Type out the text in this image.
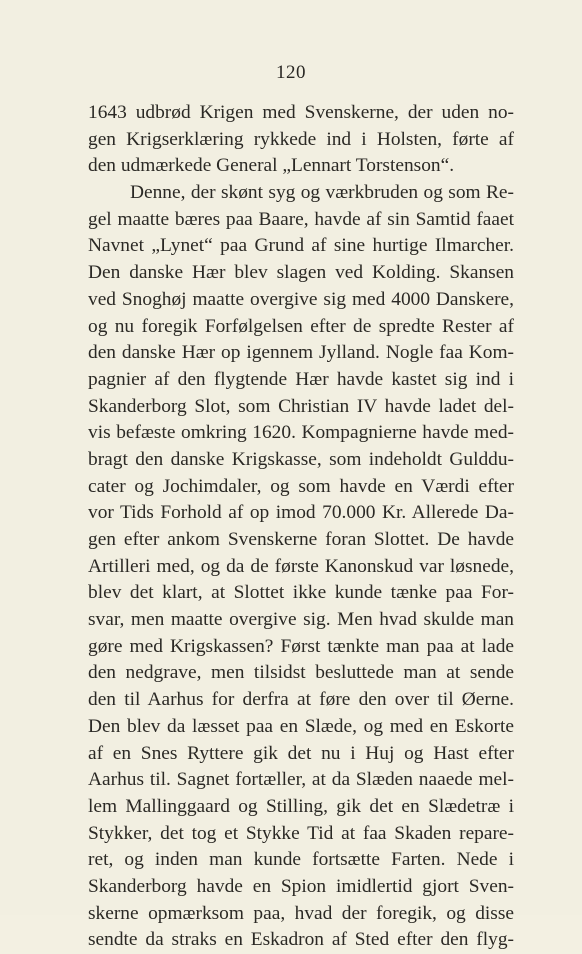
120
1643 udbrød Krigen med Svenskerne, der uden no-
gen Krigserklæring rykkede ind i Holsten, førte af
den udmærkede General „Lennart Torstenson“.
Denne, der skønt syg og værkbruden og som Re-
gel maatte bæres paa Baare, havde af sin Samtid faaet
Navnet „Lynet“ paa Grund af sine hurtige Ilmarcher.
Den danske Hær blev slagen ved Kolding. Skansen
ved Snoghøj maatte overgive sig med 4000 Danskere,
og nu foregik Forfølgelsen efter de spredte Rester af
den danske Hær op igennem Jylland. Nogle faa Kom-
pagnier af den flygtende Hær havde kastet sig ind i
Skanderborg Slot, som Christian IV havde ladet del-
vis befæste omkring 1620. Kompagnierne havde med-
bragt den danske Krigskasse, som indeholdt Gulddu-
cater og Jochimdaler, og som havde en Værdi efter
vor Tids Forhold af op imod 70.000 Kr. Allerede Da-
gen efter ankom Svenskerne foran Slottet. De havde
Artilleri med, og da de første Kanonskud var løsnede,
blev det klart, at Slottet ikke kunde tænke paa For-
svar, men maatte overgive sig. Men hvad skulde man
gøre med Krigskassen? Først tænkte man paa at lade
den nedgrave, men tilsidst besluttede man at sende
den til Aarhus for derfra at føre den over til Øerne.
Den blev da læsset paa en Slæde, og med en Eskorte
af en Snes Ryttere gik det nu i Huj og Hast efter
Aarhus til. Sagnet fortæller, at da Slæden naaede mel-
lem Mallinggaard og Stilling, gik det en Slædetræ i
Stykker, det tog et Stykke Tid at faa Skaden repare-
ret, og inden man kunde fortsætte Farten. Nede i
Skanderborg havde en Spion imidlertid gjort Sven-
skerne opmærksom paa, hvad der foregik, og disse
sendte da straks en Eskadron af Sted efter den flyg-
